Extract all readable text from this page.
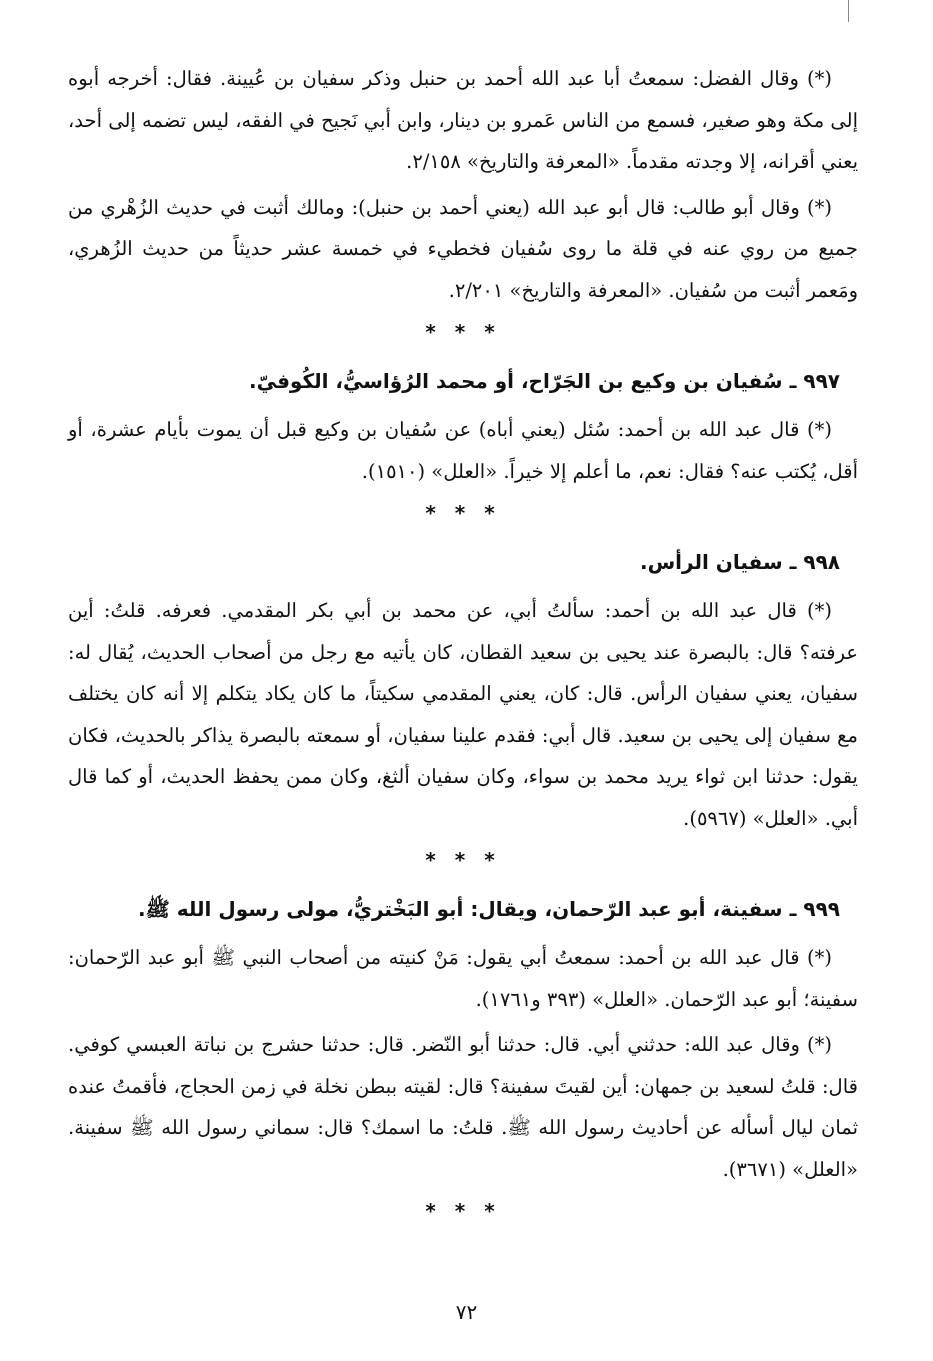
(*) وقال الفضل: سمعتُ أبا عبد الله أحمد بن حنبل وذكر سفيان بن عُيينة. فقال: أخرجه أبوه إلى مكة وهو صغير، فسمع من الناس عَمرو بن دينار، وابن أبي نَجيح في الفقه، ليس تضمه إلى أحد، يعني أقرانه، إلا وجدته مقدماً. «المعرفة والتاريخ» ٢/١٥٨.

(*) وقال أبو طالب: قال أبو عبد الله (يعني أحمد بن حنبل): ومالك أثبت في حديث الزُهْري من جميع من روي عنه في قلة ما روى سُفيان فخطيء في خمسة عشر حديثاً من حديث الزُهري، ومَعمر أثبت من سُفيان. «المعرفة والتاريخ» ٢/٢٠١.

* * *
٩٩٧ ـ سُفيان بن وكيع بن الجَرّاح، أو محمد الرُؤاسيُّ، الكُوفيّ.

(*) قال عبد الله بن أحمد: سُئل (يعني أباه) عن سُفيان بن وكيع قبل أن يموت بأيام عشرة، أو أقل، يُكتب عنه؟ فقال: نعم، ما أعلم إلا خيراً. «العلل» (١٥١٠).

* * *
٩٩٨ ـ سفيان الرأس.

(*) قال عبد الله بن أحمد: سألتُ أبي، عن محمد بن أبي بكر المقدمي. فعرفه. قلتُ: أين عرفته؟ قال: بالبصرة عند يحيى بن سعيد القطان، كان يأتيه مع رجل من أصحاب الحديث، يُقال له: سفيان، يعني سفيان الرأس. قال: كان، يعني المقدمي سكيتاً، ما كان يكاد يتكلم إلا أنه كان يختلف مع سفيان إلى يحيى بن سعيد. قال أبي: فقدم علينا سفيان، أو سمعته بالبصرة يذاكر بالحديث، فكان يقول: حدثنا ابن ثواء يريد محمد بن سواء، وكان سفيان ألثغ، وكان ممن يحفظ الحديث، أو كما قال أبي. «العلل» (٥٩٦٧).

* * *
٩٩٩ ـ سفينة، أبو عبد الرّحمان، ويقال: أبو البَخْتريُّ، مولى رسول الله ﷺ.

(*) قال عبد الله بن أحمد: سمعتُ أبي يقول: مَنْ كنيته من أصحاب النبي ﷺ أبو عبد الرّحمان: سفينة؛ أبو عبد الرّحمان. «العلل» (٣٩٣ و١٧٦١).

(*) وقال عبد الله: حدثني أبي. قال: حدثنا أبو النّضر. قال: حدثنا حشرج بن نباتة العبسي كوفي. قال: قلتُ لسعيد بن جمهان: أين لقيتَ سفينة؟ قال: لقيته ببطن نخلة في زمن الحجاج، فأقمتُ عنده ثمان ليال أسأله عن أحاديث رسول الله ﷺ. قلتُ: ما اسمك؟ قال: سماني رسول الله ﷺ سفينة. «العلل» (٣٦٧١).

* * *
٧٢
